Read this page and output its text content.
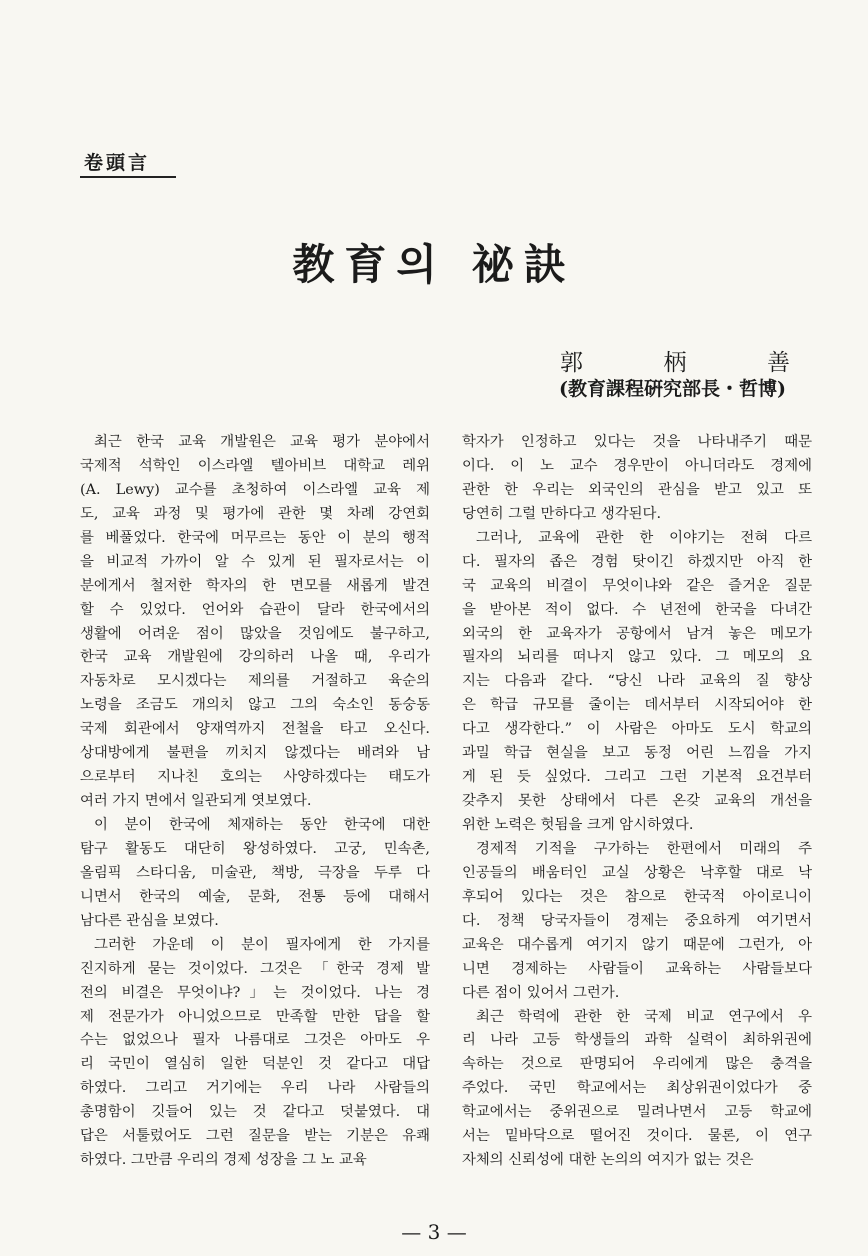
卷頭言
教育의 祕訣
郭	柄	善
(教育課程硏究部長・哲博)
최근 한국 교육 개발원은 교육 평가 분야에서
국제적 석학인 이스라엘 텔아비브 대학교 레위
(A. Lewy) 교수를 초청하여 이스라엘 교육 제
도, 교육 과정 및 평가에 관한 몇 차례 강연회
를 베풀었다. 한국에 머무르는 동안 이 분의 행적
을 비교적 가까이 알 수 있게 된 필자로서는 이
분에게서 철저한 학자의 한 면모를 새롭게 발견
할 수 있었다. 언어와 습관이 달라 한국에서의
생활에 어려운 점이 많았을 것임에도 불구하고,
한국 교육 개발원에 강의하러 나올 때, 우리가
자동차로 모시겠다는 제의를 거절하고 육순의
노령을 조금도 개의치 않고 그의 숙소인 동숭동
국제 회관에서 양재역까지 전철을 타고 오신다.
상대방에게 불편을 끼치지 않겠다는 배려와 남
으로부터 지나친 호의는 사양하겠다는 태도가
여러 가지 면에서 일관되게 엿보였다.
이 분이 한국에 체재하는 동안 한국에 대한
탐구 활동도 대단히 왕성하였다. 고궁, 민속촌,
올림픽 스타디움, 미술관, 책방, 극장을 두루 다
니면서 한국의 예술, 문화, 전통 등에 대해서
남다른 관심을 보였다.
그러한 가운데 이 분이 필자에게 한 가지를
진지하게 묻는 것이었다. 그것은 「한국 경제 발
전의 비결은 무엇이냐?」는 것이었다. 나는 경
제 전문가가 아니었으므로 만족할 만한 답을 할
수는 없었으나 필자 나름대로 그것은 아마도 우
리 국민이 열심히 일한 덕분인 것 같다고 대답
하였다. 그리고 거기에는 우리 나라 사람들의
총명함이 깃들어 있는 것 같다고 덧붙였다. 대
답은 서툴렀어도 그런 질문을 받는 기분은 유쾌
하였다. 그만큼 우리의 경제 성장을 그 노 교육
학자가 인정하고 있다는 것을 나타내주기 때문
이다. 이 노 교수 경우만이 아니더라도 경제에
관한 한 우리는 외국인의 관심을 받고 있고 또
당연히 그럴 만하다고 생각된다.
그러나, 교육에 관한 한 이야기는 전혀 다르
다. 필자의 좁은 경험 탓이긴 하겠지만 아직 한
국 교육의 비결이 무엇이냐와 같은 즐거운 질문
을 받아본 적이 없다. 수 년전에 한국을 다녀간
외국의 한 교육자가 공항에서 남겨 놓은 메모가
필자의 뇌리를 떠나지 않고 있다. 그 메모의 요
지는 다음과 같다. “당신 나라 교육의 질 향상
은 학급 규모를 줄이는 데서부터 시작되어야 한
다고 생각한다.” 이 사람은 아마도 도시 학교의
과밀 학급 현실을 보고 동정 어린 느낌을 가지
게 된 듯 싶었다. 그리고 그런 기본적 요건부터
갖추지 못한 상태에서 다른 온갖 교육의 개선을
위한 노력은 헛됨을 크게 암시하였다.
경제적 기적을 구가하는 한편에서 미래의 주
인공들의 배움터인 교실 상황은 낙후할 대로 낙
후되어 있다는 것은 참으로 한국적 아이로니이
다. 정책 당국자들이 경제는 중요하게 여기면서
교육은 대수롭게 여기지 않기 때문에 그런가, 아
니면 경제하는 사람들이 교육하는 사람들보다
다른 점이 있어서 그런가.
최근 학력에 관한 한 국제 비교 연구에서 우
리 나라 고등 학생들의 과학 실력이 최하위권에
속하는 것으로 판명되어 우리에게 많은 충격을
주었다. 국민 학교에서는 최상위권이었다가 중
학교에서는 중위권으로 밀려나면서 고등 학교에
서는 밑바닥으로 떨어진 것이다. 물론, 이 연구
자체의 신뢰성에 대한 논의의 여지가 없는 것은
— 3 —
